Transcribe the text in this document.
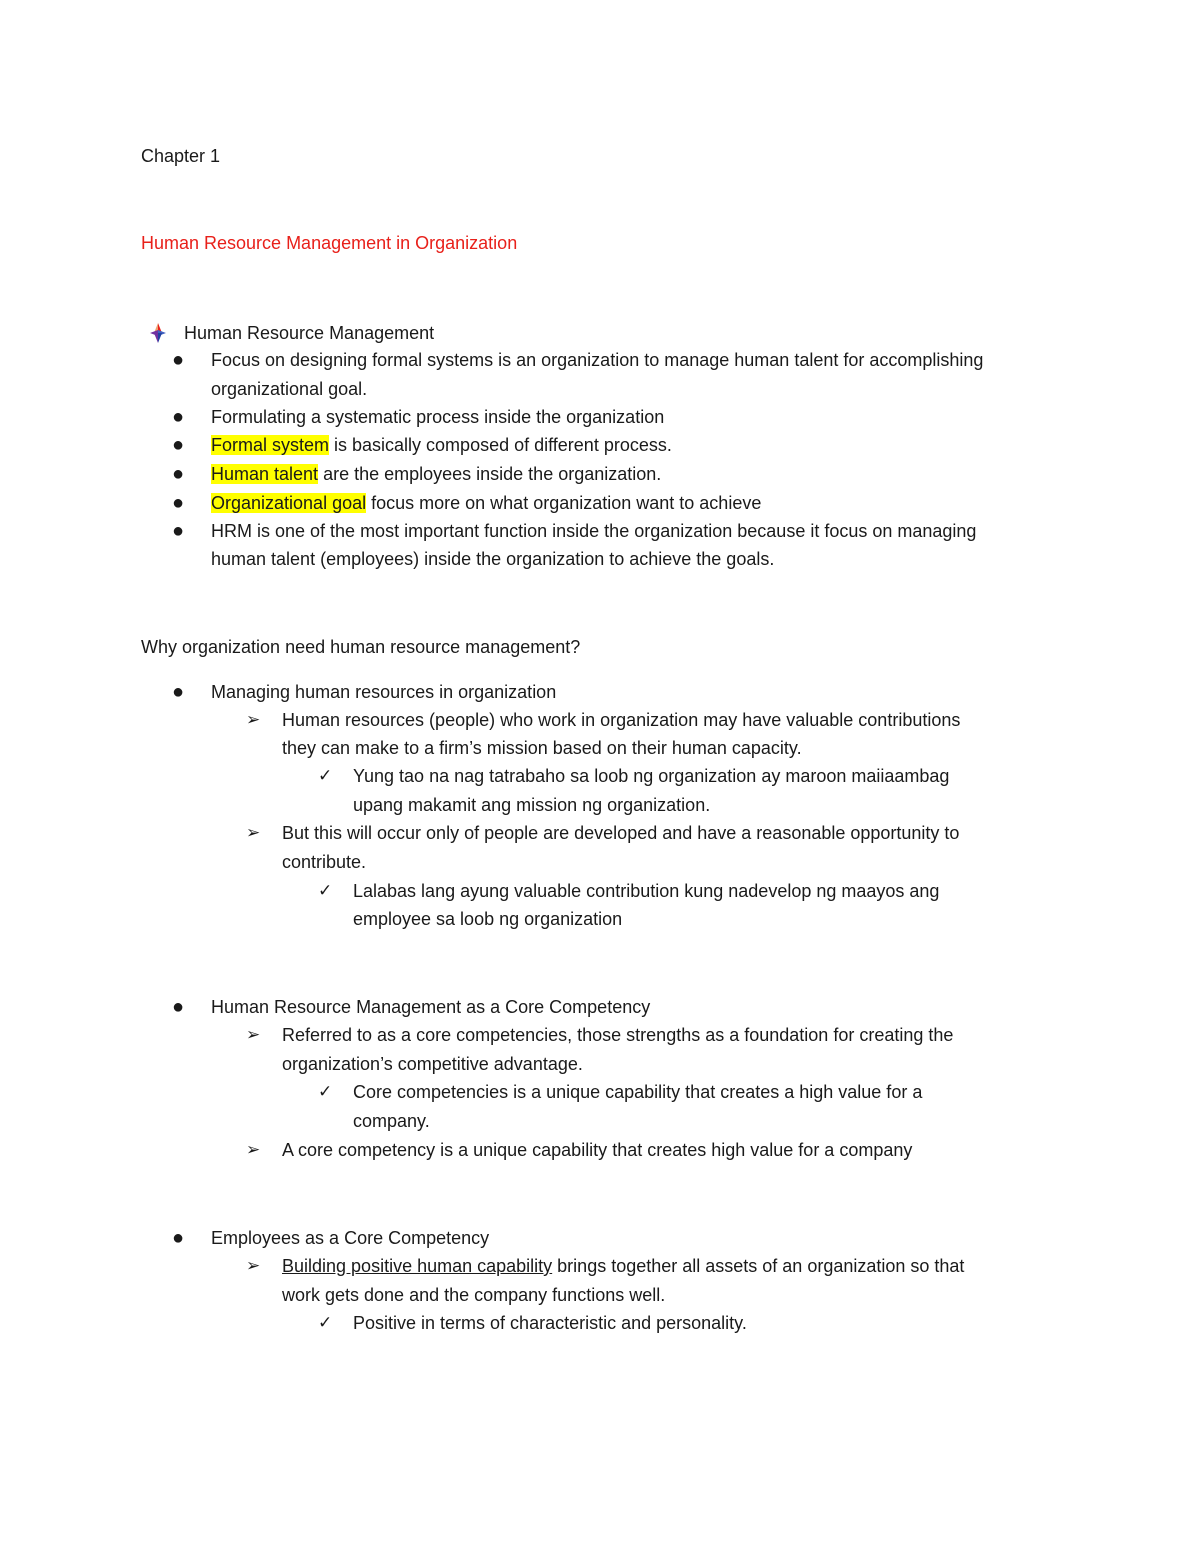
Chapter 1
Human Resource Management in Organization
Human Resource Management
● Focus on designing formal systems is an organization to manage human talent for accomplishing
organizational goal.
● Formulating a systematic process inside the organization
● Formal system is basically composed of different process.
● Human talent are the employees inside the organization.
● Organizational goal focus more on what organization want to achieve
● HRM is one of the most important function inside the organization because it focus on managing
human talent (employees) inside the organization to achieve the goals.
Why organization need human resource management?
● Managing human resources in organization
➢ Human resources (people) who work in organization may have valuable contributions
they can make to a firm’s mission based on their human capacity.
✓ Yung tao na nag tatrabaho sa loob ng organization ay maroon maiiaambag
upang makamit ang mission ng organization.
➢ But this will occur only of people are developed and have a reasonable opportunity to
contribute.
✓ Lalabas lang ayung valuable contribution kung nadevelop ng maayos ang
employee sa loob ng organization
● Human Resource Management as a Core Competency
➢ Referred to as a core competencies, those strengths as a foundation for creating the
organization’s competitive advantage.
✓ Core competencies is a unique capability that creates a high value for a
company.
➢ A core competency is a unique capability that creates high value for a company
● Employees as a Core Competency
➢ Building positive human capability brings together all assets of an organization so that
work gets done and the company functions well.
✓ Positive in terms of characteristic and personality.
